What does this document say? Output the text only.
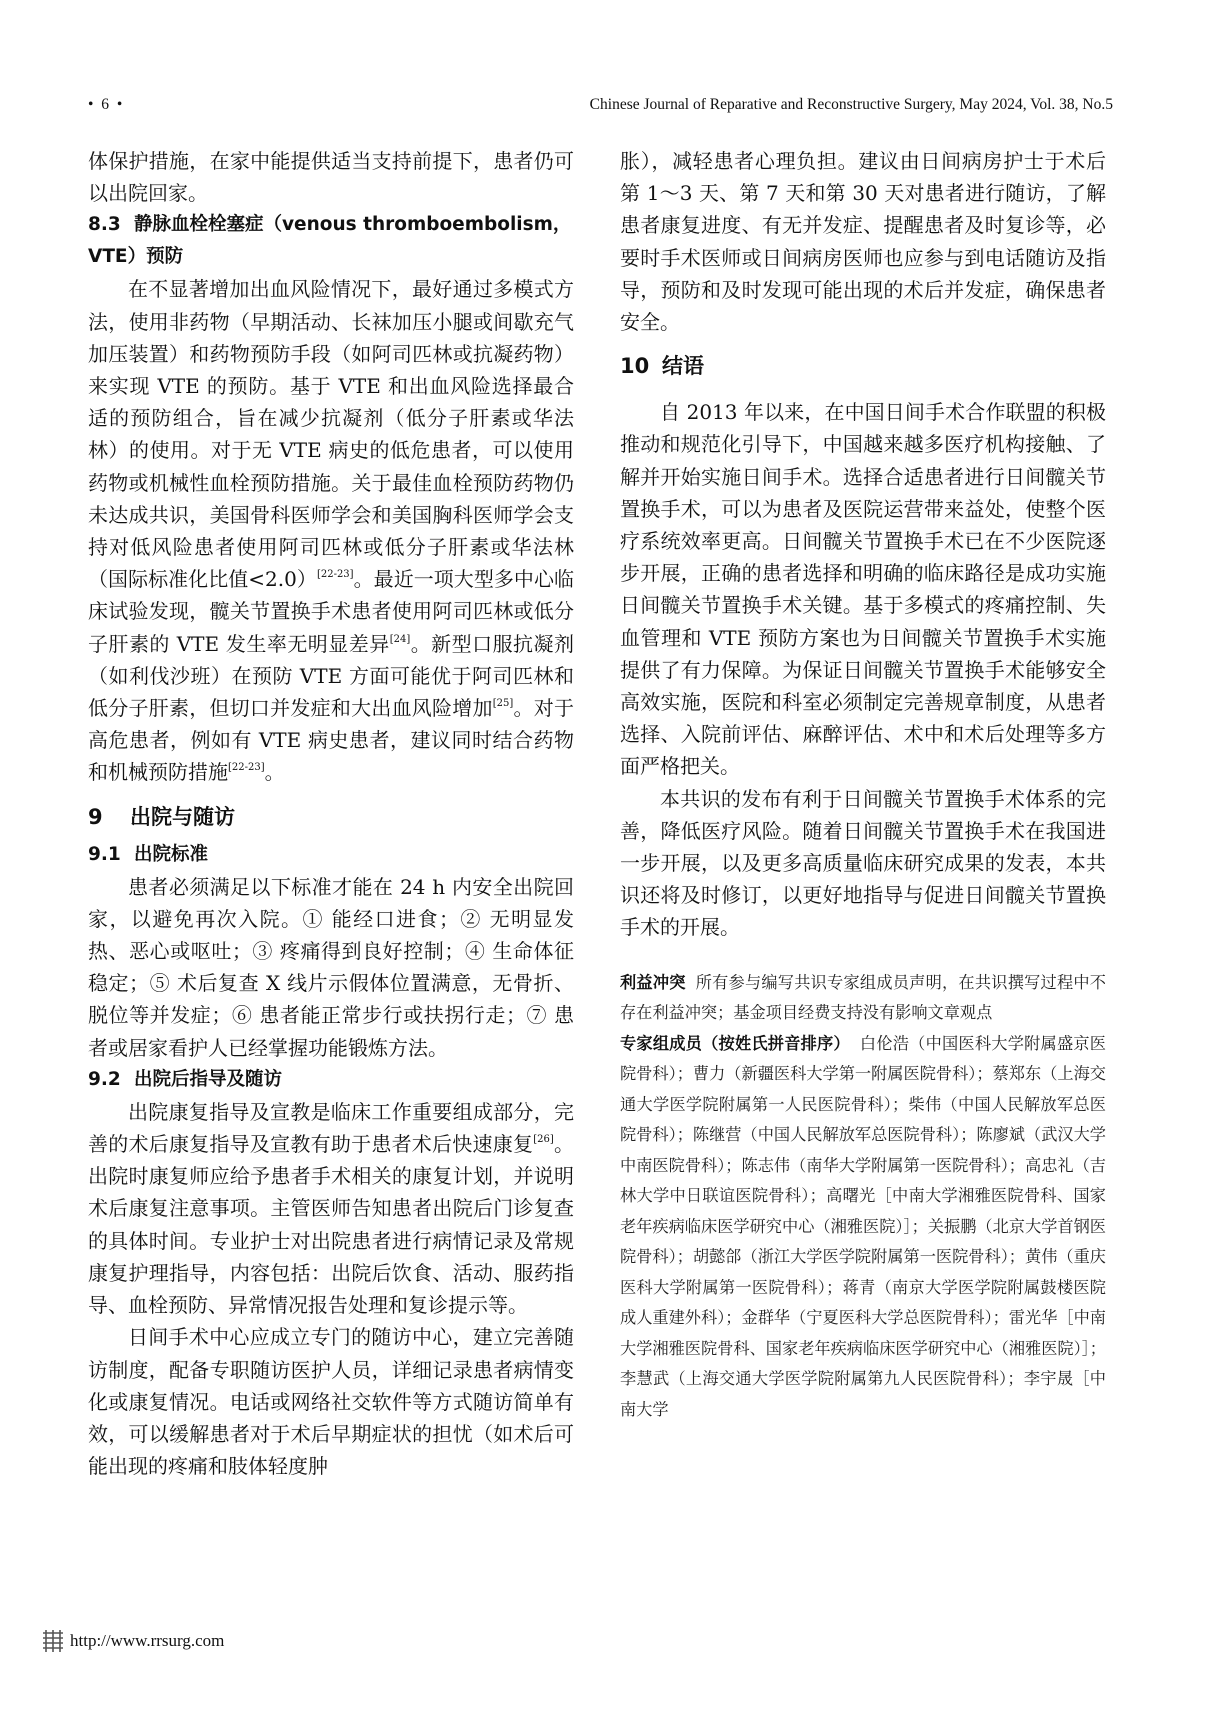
• 6 •	Chinese Journal of Reparative and Reconstructive Surgery, May 2024, Vol. 38, No.5

体保护措施，在家中能提供适当支持前提下，患者仍可以出院回家。

8.3 静脉血栓栓塞症（venous thromboembolism，VTE）预防

在不显著增加出血风险情况下，最好通过多模式方法，使用非药物（早期活动、长袜加压小腿或间歇充气加压装置）和药物预防手段（如阿司匹林或抗凝药物）来实现 VTE 的预防。基于 VTE 和出血风险选择最合适的预防组合，旨在减少抗凝剂（低分子肝素或华法林）的使用。对于无 VTE 病史的低危患者，可以使用药物或机械性血栓预防措施。关于最佳血栓预防药物仍未达成共识，美国骨科医师学会和美国胸科医师学会支持对低风险患者使用阿司匹林或低分子肝素或华法林（国际标准化比值<2.0）[22-23]。最近一项大型多中心临床试验发现，髋关节置换手术患者使用阿司匹林或低分子肝素的 VTE 发生率无明显差异[24]。新型口服抗凝剂（如利伐沙班）在预防 VTE 方面可能优于阿司匹林和低分子肝素，但切口并发症和大出血风险增加[25]。对于高危患者，例如有 VTE 病史患者，建议同时结合药物和机械预防措施[22-23]。

9 出院与随访
9.1 出院标准

患者必须满足以下标准才能在 24 h 内安全出院回家，以避免再次入院。① 能经口进食；② 无明显发热、恶心或呕吐；③ 疼痛得到良好控制；④ 生命体征稳定；⑤ 术后复查 X 线片示假体位置满意，无骨折、脱位等并发症；⑥ 患者能正常步行或扶拐行走；⑦ 患者或居家看护人已经掌握功能锻炼方法。

9.2 出院后指导及随访

出院康复指导及宣教是临床工作重要组成部分，完善的术后康复指导及宣教有助于患者术后快速康复[26]。出院时康复师应给予患者手术相关的康复计划，并说明术后康复注意事项。主管医师告知患者出院后门诊复查的具体时间。专业护士对出院患者进行病情记录及常规康复护理指导，内容包括：出院后饮食、活动、服药指导、血栓预防、异常情况报告处理和复诊提示等。

日间手术中心应成立专门的随访中心，建立完善随访制度，配备专职随访医护人员，详细记录患者病情变化或康复情况。电话或网络社交软件等方式随访简单有效，可以缓解患者对于术后早期症状的担忧（如术后可能出现的疼痛和肢体轻度肿

胀），减轻患者心理负担。建议由日间病房护士于术后第 1～3 天、第 7 天和第 30 天对患者进行随访，了解患者康复进度、有无并发症、提醒患者及时复诊等，必要时手术医师或日间病房医师也应参与到电话随访及指导，预防和及时发现可能出现的术后并发症，确保患者安全。

10 结语

自 2013 年以来，在中国日间手术合作联盟的积极推动和规范化引导下，中国越来越多医疗机构接触、了解并开始实施日间手术。选择合适患者进行日间髋关节置换手术，可以为患者及医院运营带来益处，使整个医疗系统效率更高。日间髋关节置换手术已在不少医院逐步开展，正确的患者选择和明确的临床路径是成功实施日间髋关节置换手术关键。基于多模式的疼痛控制、失血管理和 VTE 预防方案也为日间髋关节置换手术实施提供了有力保障。为保证日间髋关节置换手术能够安全高效实施，医院和科室必须制定完善规章制度，从患者选择、入院前评估、麻醉评估、术中和术后处理等多方面严格把关。

本共识的发布有利于日间髋关节置换手术体系的完善，降低医疗风险。随着日间髋关节置换手术在我国进一步开展，以及更多高质量临床研究成果的发表，本共识还将及时修订，以更好地指导与促进日间髋关节置换手术的开展。

利益冲突 所有参与编写共识专家组成员声明，在共识撰写过程中不存在利益冲突；基金项目经费支持没有影响文章观点

专家组成员（按姓氏拼音排序） 白伦浩（中国医科大学附属盛京医院骨科）；曹力（新疆医科大学第一附属医院骨科）；蔡郑东（上海交通大学医学院附属第一人民医院骨科）；柴伟（中国人民解放军总医院骨科）；陈继营（中国人民解放军总医院骨科）；陈廖斌（武汉大学中南医院骨科）；陈志伟（南华大学附属第一医院骨科）；高忠礼（吉林大学中日联谊医院骨科）；高曙光［中南大学湘雅医院骨科、国家老年疾病临床医学研究中心（湘雅医院）］；关振鹏（北京大学首钢医院骨科）；胡懿郃（浙江大学医学院附属第一医院骨科）；黄伟（重庆医科大学附属第一医院骨科）；蒋青（南京大学医学院附属鼓楼医院成人重建外科）；金群华（宁夏医科大学总医院骨科）；雷光华［中南大学湘雅医院骨科、国家老年疾病临床医学研究中心（湘雅医院）］；李慧武（上海交通大学医学院附属第九人民医院骨科）；李宇晟［中南大学

http://www.rrsurg.com
